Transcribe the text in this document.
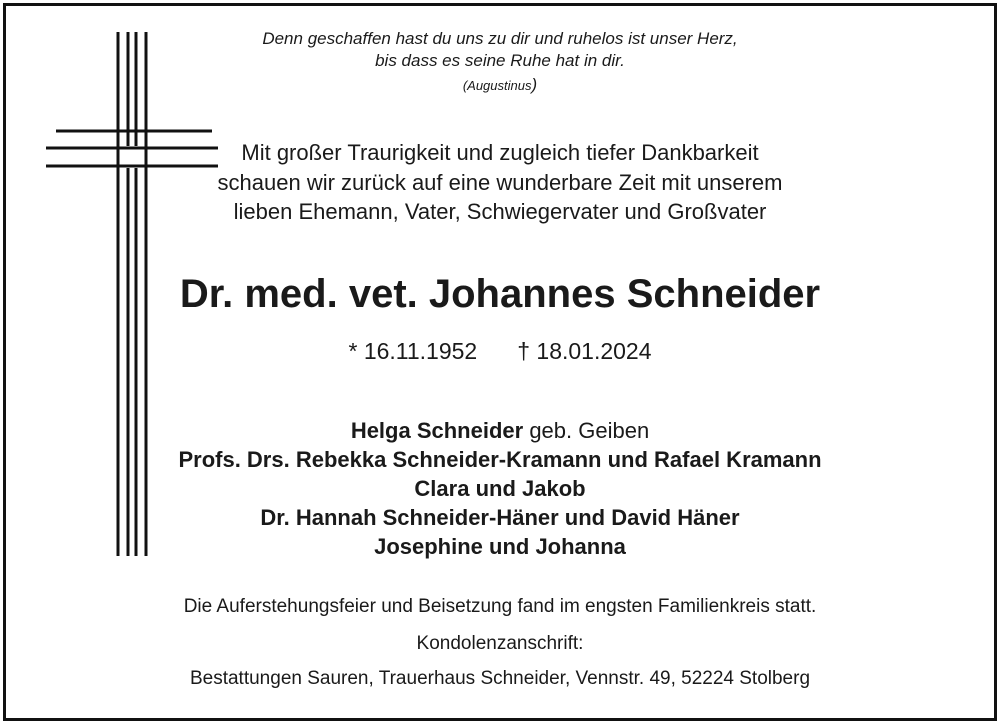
Denn geschaffen hast du uns zu dir und ruhelos ist unser Herz,
bis dass es seine Ruhe hat in dir.
(Augustinus)
Mit großer Traurigkeit und zugleich tiefer Dankbarkeit
schauen wir zurück auf eine wunderbare Zeit mit unserem
lieben Ehemann, Vater, Schwiegervater und Großvater
Dr. med. vet. Johannes Schneider
* 16.11.1952 † 18.01.2024
Helga Schneider geb. Geiben
Profs. Drs. Rebekka Schneider-Kramann und Rafael Kramann
Clara und Jakob
Dr. Hannah Schneider-Häner und David Häner
Josephine und Johanna
Die Auferstehungsfeier und Beisetzung fand im engsten Familienkreis statt.
Kondolenzanschrift:
Bestattungen Sauren, Trauerhaus Schneider, Vennstr. 49, 52224 Stolberg
